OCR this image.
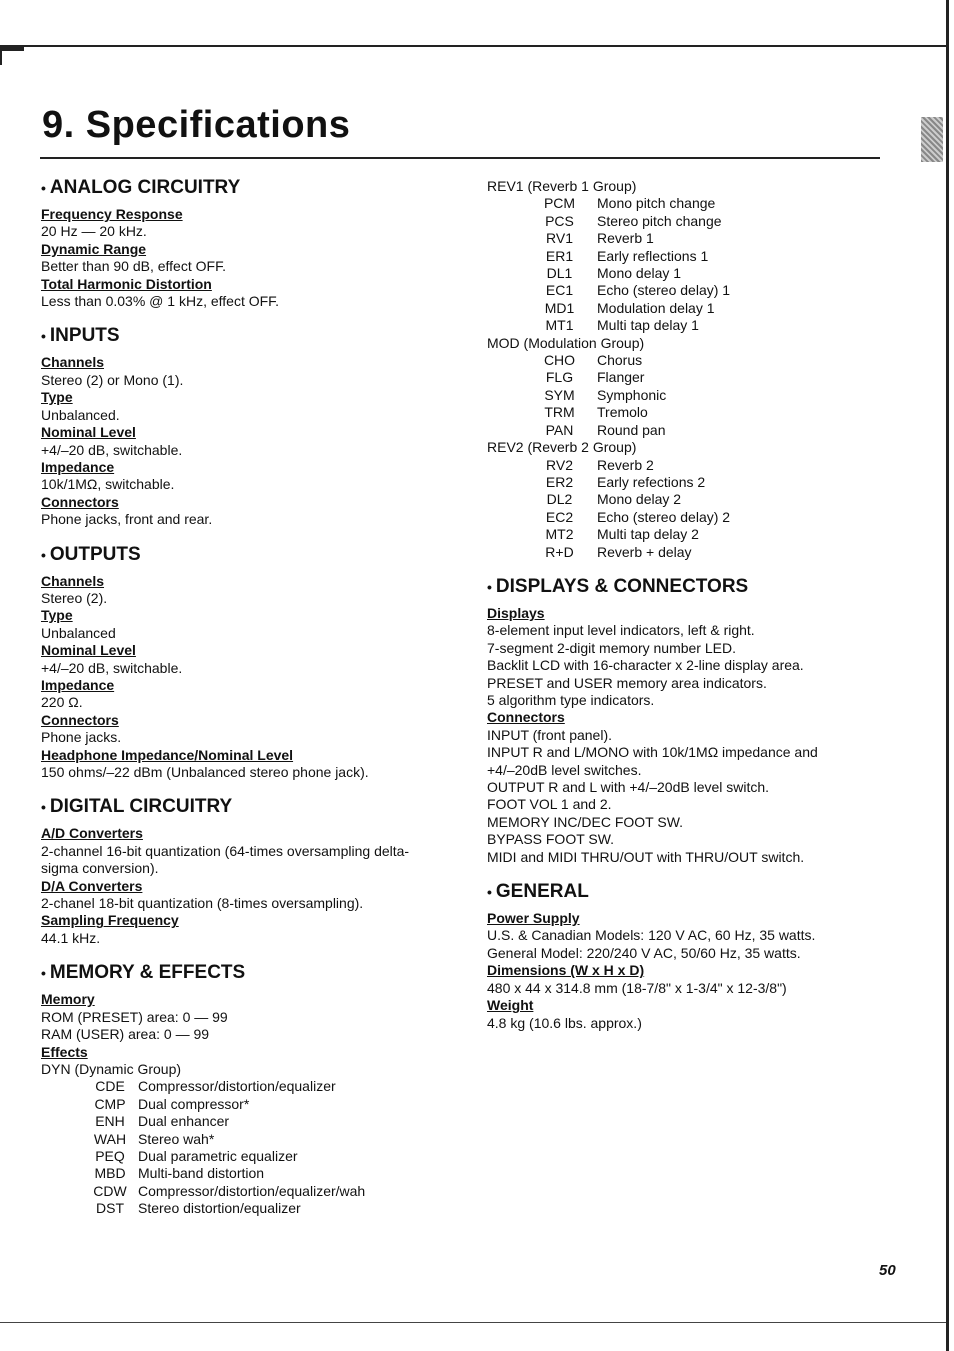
9. Specifications
• ANALOG CIRCUITRY

Frequency Response

20 Hz — 20 kHz.

Dynamic Range

Better than 90 dB, effect OFF.

Total Harmonic Distortion

Less than 0.03% @ 1 kHz, effect OFF.

• INPUTS

Channels

Stereo (2) or Mono (1).

Type

Unbalanced.

Nominal Level

+4/–20 dB, switchable.

Impedance

10k/1MΩ, switchable.

Connectors

Phone jacks, front and rear.

• OUTPUTS

Channels

Stereo (2).

Type

Unbalanced

Nominal Level

+4/–20 dB, switchable.

Impedance

220 Ω.

Connectors

Phone jacks.

Headphone Impedance/Nominal Level

150 ohms/–22 dBm (Unbalanced stereo phone jack).

• DIGITAL CIRCUITRY

A/D Converters

2-channel 16-bit quantization (64-times oversampling delta-sigma conversion).

D/A Converters

2-chanel 18-bit quantization (8-times oversampling).

Sampling Frequency

44.1 kHz.

• MEMORY & EFFECTS

Memory

ROM (PRESET) area: 0 — 99

RAM (USER) area: 0 — 99

Effects

DYN (Dynamic Group)

CDE Compressor/distortion/equalizer
CMP Dual compressor*
ENH Dual enhancer
WAH Stereo wah*
PEQ Dual parametric equalizer
MBD Multi-band distortion
CDW Compressor/distortion/equalizer/wah
DST	Stereo distortion/equalizer

REV1 (Reverb 1 Group)

PCM	Mono pitch change
PCS	Stereo pitch change
RV1	Reverb 1
ER1	Early reflections 1
DL1	Mono delay 1
EC1	Echo (stereo delay) 1
MD1	Modulation delay 1
MT1	Multi tap delay 1

MOD (Modulation Group)

CHO	Chorus
FLG	Flanger
SYM	Symphonic
TRM	Tremolo
PAN	Round pan

REV2 (Reverb 2 Group)

RV2	Reverb 2
ER2	Early refections 2
DL2	Mono delay 2
EC2	Echo (stereo delay) 2
MT2	Multi tap delay 2
R+D	Reverb + delay
• DISPLAYS & CONNECTORS

Displays

8-element input level indicators, left & right.

7-segment 2-digit memory number LED.

Backlit LCD with 16-character x 2-line display area.

PRESET and USER memory area indicators.

5 algorithm type indicators.

Connectors

INPUT (front panel).

INPUT R and L/MONO with 10k/1MΩ impedance and +4/–20dB level switches.

OUTPUT R and L with +4/–20dB level switch.

FOOT VOL 1 and 2.

MEMORY INC/DEC FOOT SW.

BYPASS FOOT SW.

MIDI and MIDI THRU/OUT with THRU/OUT switch.

• GENERAL

Power Supply

U.S. & Canadian Models: 120 V AC, 60 Hz, 35 watts.

General Model: 220/240 V AC, 50/60 Hz, 35 watts.

Dimensions (W x H x D)

480 x 44 x 314.8 mm (18-7/8" x 1-3/4" x 12-3/8")

Weight

4.8 kg (10.6 lbs. approx.)

50
